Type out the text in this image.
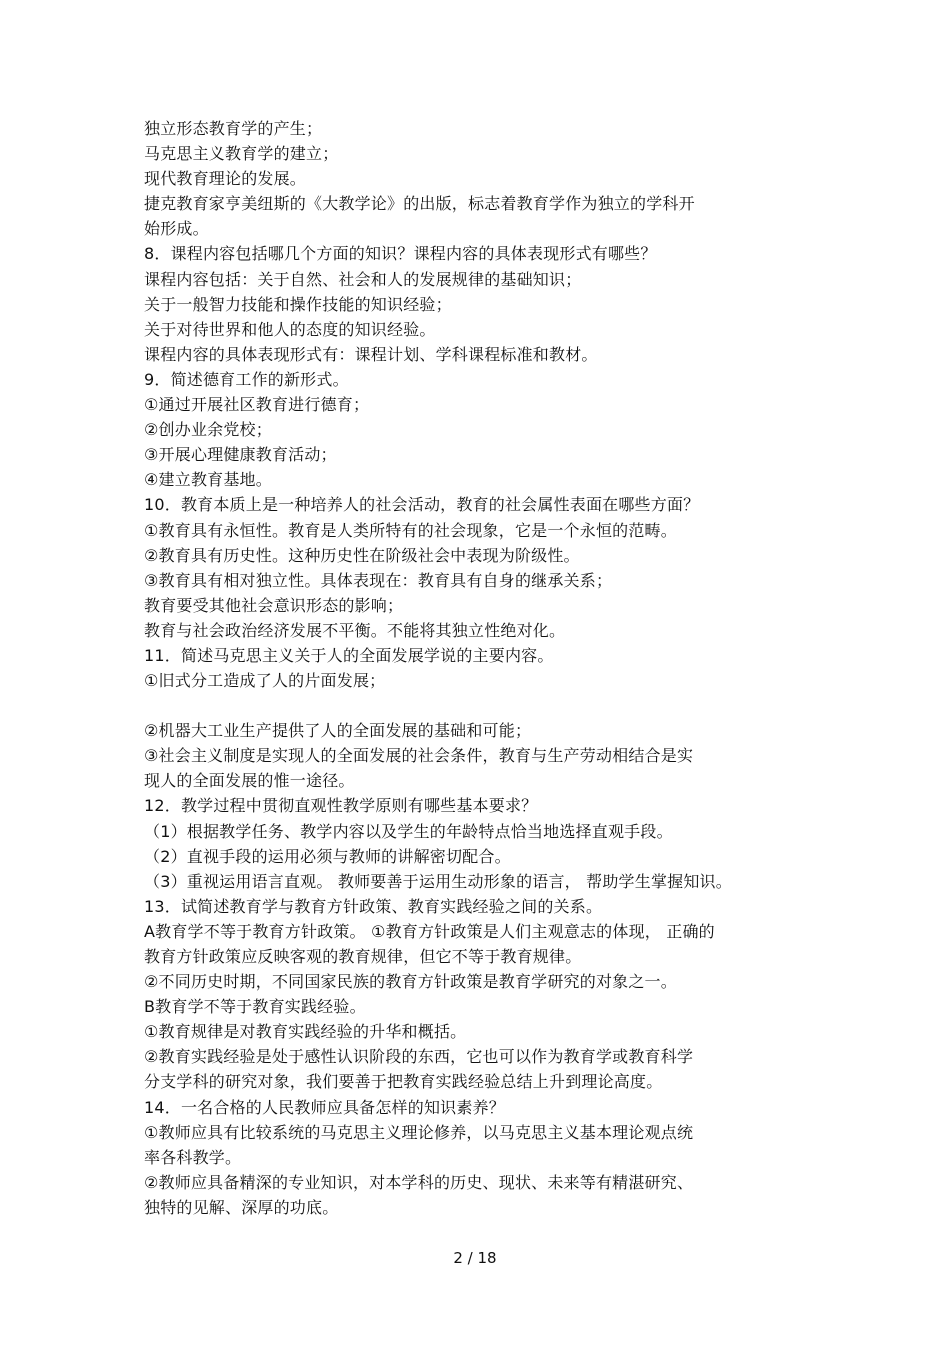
独立形态教育学的产生；
马克思主义教育学的建立；
现代教育理论的发展。
捷克教育家亨美纽斯的《大教学论》的出版，标志着教育学作为独立的学科开
始形成。
8．课程内容包括哪几个方面的知识？课程内容的具体表现形式有哪些？
课程内容包括：关于自然、社会和人的发展规律的基础知识；
关于一般智力技能和操作技能的知识经验；
关于对待世界和他人的态度的知识经验。
课程内容的具体表现形式有：课程计划、学科课程标准和教材。
9．简述德育工作的新形式。
①通过开展社区教育进行德育；
②创办业余党校；
③开展心理健康教育活动；
④建立教育基地。
10．教育本质上是一种培养人的社会活动，教育的社会属性表面在哪些方面？
①教育具有永恒性。教育是人类所特有的社会现象，它是一个永恒的范畴。
②教育具有历史性。这种历史性在阶级社会中表现为阶级性。
③教育具有相对独立性。具体表现在：教育具有自身的继承关系；
教育要受其他社会意识形态的影响；
教育与社会政治经济发展不平衡。不能将其独立性绝对化。
11．简述马克思主义关于人的全面发展学说的主要内容。
①旧式分工造成了人的片面发展；
②机器大工业生产提供了人的全面发展的基础和可能；
③社会主义制度是实现人的全面发展的社会条件，教育与生产劳动相结合是实
现人的全面发展的惟一途径。
12．教学过程中贯彻直观性教学原则有哪些基本要求？
（1）根据教学任务、教学内容以及学生的年龄特点恰当地选择直观手段。
（2）直视手段的运用必须与教师的讲解密切配合。
（3）重视运用语言直观。 教师要善于运用生动形象的语言， 帮助学生掌握知识。
13．试简述教育学与教育方针政策、教育实践经验之间的关系。
A教育学不等于教育方针政策。 ①教育方针政策是人们主观意志的体现， 正确的
教育方针政策应反映客观的教育规律，但它不等于教育规律。
②不同历史时期，不同国家民族的教育方针政策是教育学研究的对象之一。
B教育学不等于教育实践经验。
①教育规律是对教育实践经验的升华和概括。
②教育实践经验是处于感性认识阶段的东西，它也可以作为教育学或教育科学
分支学科的研究对象，我们要善于把教育实践经验总结上升到理论高度。
14．一名合格的人民教师应具备怎样的知识素养？
①教师应具有比较系统的马克思主义理论修养，以马克思主义基本理论观点统
率各科教学。
②教师应具备精深的专业知识，对本学科的历史、现状、未来等有精湛研究、
独特的见解、深厚的功底。
2 / 18
